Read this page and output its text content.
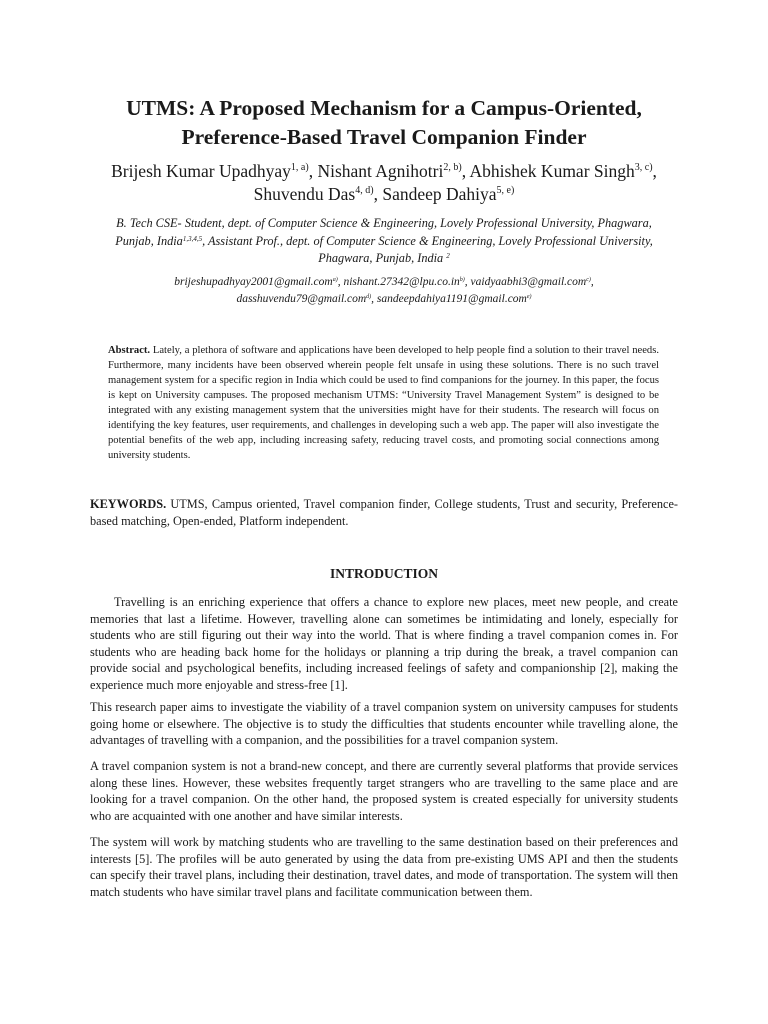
UTMS: A Proposed Mechanism for a Campus-Oriented,
Preference-Based Travel Companion Finder
Brijesh Kumar Upadhyay$^{1, a)}$, Nishant Agnihotri$^{2, b)}$, Abhishek Kumar Singh$^{3, c)}$,
Shuvendu Das$^{4, d)}$, Sandeep Dahiya$^{5, e)}$
B. Tech CSE- Student, dept. of Computer Science & Engineering, Lovely Professional University, Phagwara,
Punjab, India$^{1,3,4,5}$, Assistant Prof., dept. of Computer Science & Engineering, Lovely Professional University,
Phagwara, Punjab, India $^2$
brijeshupadhyay2001@gmail.com$^{a)}$, $nishant.27342@lpu.co.in^{b)}$, vaidyaabhi3@gmail.com$^{c)}$,
dasshuvendu79@gmail.com$^{d)}$, sandeepdahiya1191@gmail.com$^{e)}$
Abstract. Lately, a plethora of software and applications have been developed to help people find a solution to their travel needs. Furthermore, many incidents have been observed wherein people felt unsafe in using these solutions. There is no such travel management system for a specific region in India which could be used to find companions for the journey. In this paper, the focus is kept on University campuses. The proposed mechanism UTMS: “University Travel Management System” is designed to be integrated with any existing management system that the universities might have for their students. The research will focus on identifying the key features, user requirements, and challenges in developing such a web app. The paper will also investigate the potential benefits of the web app, including increasing safety, reducing travel costs, and promoting social connections among university students.
KEYWORDS. UTMS, Campus oriented, Travel companion finder, College students, Trust and security, Preference-based matching, Open-ended, Platform independent.
INTRODUCTION

Travelling is an enriching experience that offers a chance to explore new places, meet new people, and create memories that last a lifetime. However, travelling alone can sometimes be intimidating and lonely, especially for students who are still figuring out their way into the world. That is where finding a travel companion comes in. For students who are heading back home for the holidays or planning a trip during the break, a travel companion can provide social and psychological benefits, including increased feelings of safety and companionship [2], making the experience much more enjoyable and stress-free [1].

This research paper aims to investigate the viability of a travel companion system on university campuses for students going home or elsewhere. The objective is to study the difficulties that students encounter while travelling alone, the advantages of travelling with a companion, and the possibilities for a travel companion system.

A travel companion system is not a brand-new concept, and there are currently several platforms that provide services along these lines. However, these websites frequently target strangers who are travelling to the same place and are looking for a travel companion. On the other hand, the proposed system is created especially for university students who are acquainted with one another and have similar interests.

The system will work by matching students who are travelling to the same destination based on their preferences and interests [5]. The profiles will be auto generated by using the data from pre-existing UMS API and then the students can specify their travel plans, including their destination, travel dates, and mode of transportation. The system will then match students who have similar travel plans and facilitate communication between them.
